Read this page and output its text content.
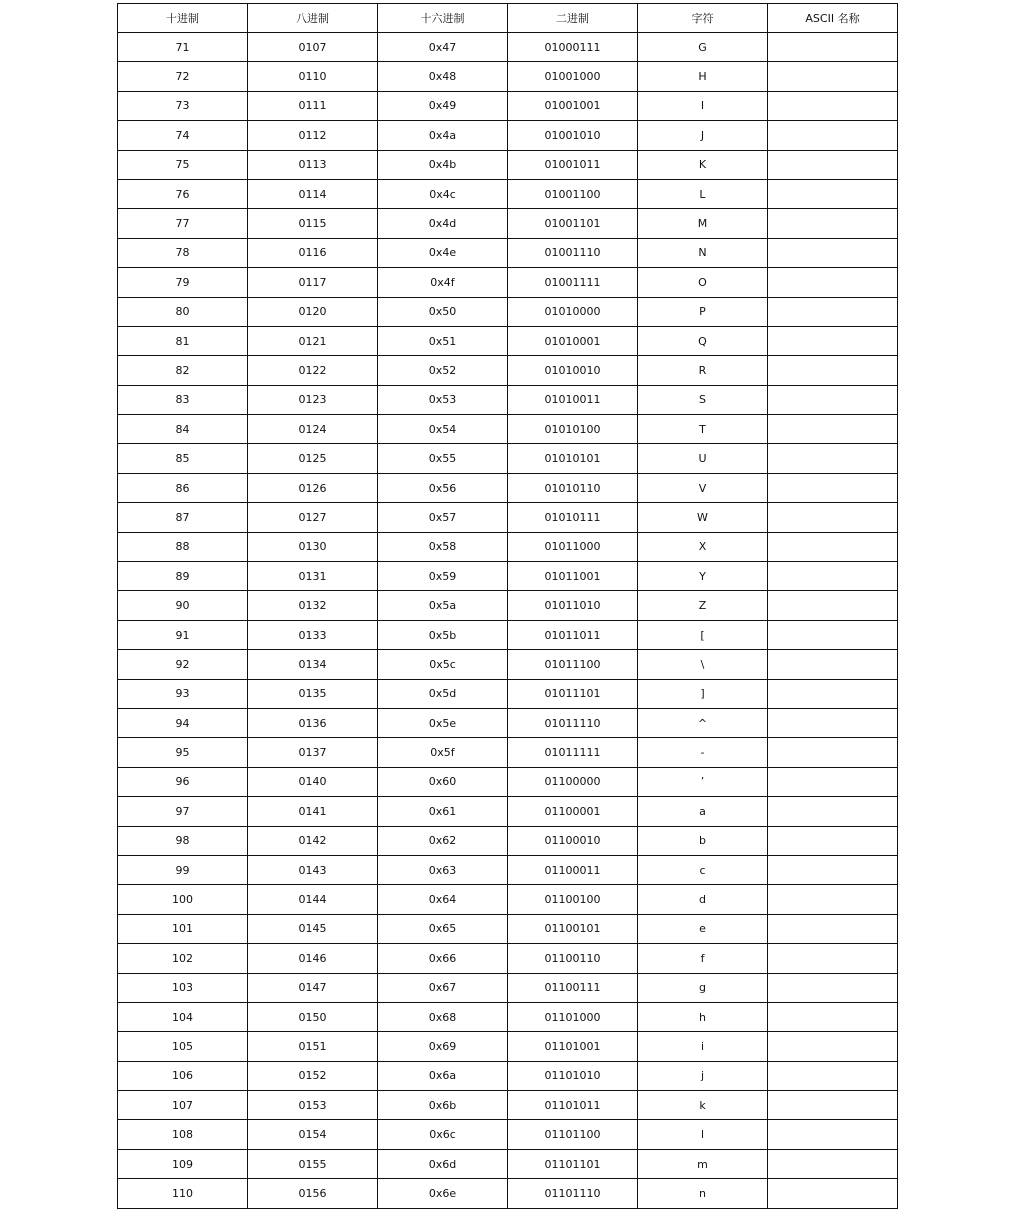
十进制	八进制	十六进制	二进制	字符	ASCII 名称
71	0107	0x47	01000111	G	
72	0110	0x48	01001000	H	
73	0111	0x49	01001001	I	
74	0112	0x4a	01001010	J	
75	0113	0x4b	01001011	K	
76	0114	0x4c	01001100	L	
77	0115	0x4d	01001101	M	
78	0116	0x4e	01001110	N	
79	0117	0x4f	01001111	O	
80	0120	0x50	01010000	P	
81	0121	0x51	01010001	Q	
82	0122	0x52	01010010	R	
83	0123	0x53	01010011	S	
84	0124	0x54	01010100	T	
85	0125	0x55	01010101	U	
86	0126	0x56	01010110	V	
87	0127	0x57	01010111	W	
88	0130	0x58	01011000	X	
89	0131	0x59	01011001	Y	
90	0132	0x5a	01011010	Z	
91	0133	0x5b	01011011	[	
92	0134	0x5c	01011100	\	
93	0135	0x5d	01011101	]	
94	0136	0x5e	01011110	^	
95	0137	0x5f	01011111	-	
96	0140	0x60	01100000	’	
97	0141	0x61	01100001	a	
98	0142	0x62	01100010	b	
99	0143	0x63	01100011	c	
100	0144	0x64	01100100	d	
101	0145	0x65	01100101	e	
102	0146	0x66	01100110	f	
103	0147	0x67	01100111	g	
104	0150	0x68	01101000	h	
105	0151	0x69	01101001	i	
106	0152	0x6a	01101010	j	
107	0153	0x6b	01101011	k	
108	0154	0x6c	01101100	l	
109	0155	0x6d	01101101	m	
110	0156	0x6e	01101110	n	
